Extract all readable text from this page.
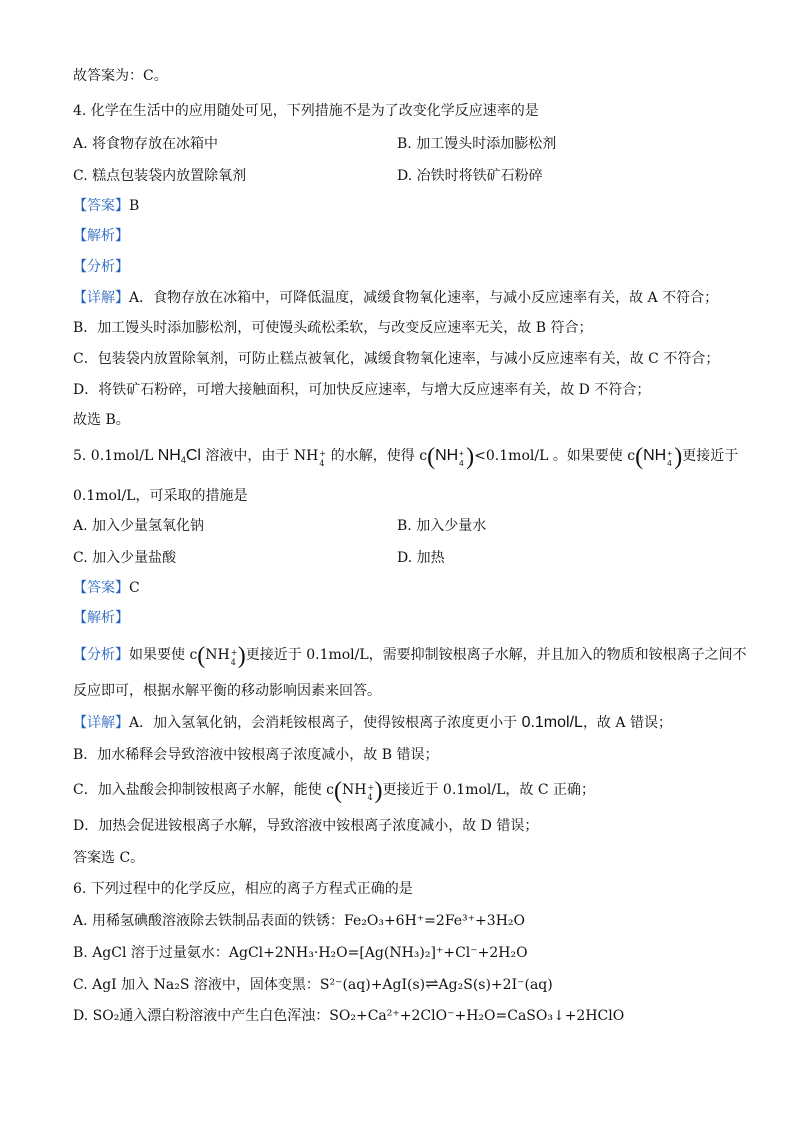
故答案为：C。
4. 化学在生活中的应用随处可见，下列措施不是为了改变化学反应速率的是
A. 将食物存放在冰箱中	B. 加工馒头时添加膨松剂
C. 糕点包装袋内放置除氧剂	D. 冶铁时将铁矿石粉碎
【答案】B
【解析】
【分析】
【详解】A．食物存放在冰箱中，可降低温度，减缓食物氧化速率，与减小反应速率有关，故 A 不符合；
B．加工馒头时添加膨松剂，可使馒头疏松柔软，与改变反应速率无关，故 B 符合；
C．包装袋内放置除氧剂，可防止糕点被氧化，减缓食物氧化速率，与减小反应速率有关，故 C 不符合；
D．将铁矿石粉碎，可增大接触面积，可加快反应速率，与增大反应速率有关，故 D 不符合；
故选 B。
5. 0.1mol/L $NH_4Cl$ 溶液中，由于 NH +
4 的水解，使得 c(NH +
4 )<0.1mol/L 。如果要使 c(NH +
4 )更接近于
0.1mol/L，可采取的措施是
A. 加入少量氢氧化钠	B. 加入少量水
C. 加入少量盐酸	D. 加热
【答案】C
【解析】
【分析】如果要使 c(NH +
4 )更接近于 0.1mol/L，需要抑制铵根离子水解，并且加入的物质和铵根离子之间不
反应即可，根据水解平衡的移动影响因素来回答。
【详解】A．加入氢氧化钠，会消耗铵根离子，使得铵根离子浓度更小于 0.1mol/L，故 A 错误；
B．加水稀释会导致溶液中铵根离子浓度减小，故 B 错误；
C．加入盐酸会抑制铵根离子水解，能使 c(NH +
4 )更接近于 0.1mol/L，故 C 正确；
D．加热会促进铵根离子水解，导致溶液中铵根离子浓度减小，故 D 错误；
答案选 C。
6. 下列过程中的化学反应，相应的离子方程式正确的是
A. 用稀氢碘酸溶液除去铁制品表面的铁锈：Fe₂O₃+6H⁺=2Fe³⁺+3H₂O
B. AgCl 溶于过量氨水：AgCl+2NH₃·H₂O=[Ag(NH₃)₂]⁺+Cl⁻+2H₂O
C. AgI 加入 Na₂S 溶液中，固体变黑：S²⁻(aq)+AgI(s)⇌Ag₂S(s)+2I⁻(aq)
D. SO₂通入漂白粉溶液中产生白色浑浊：SO₂+Ca²⁺+2ClO⁻+H₂O=CaSO₃↓+2HClO
